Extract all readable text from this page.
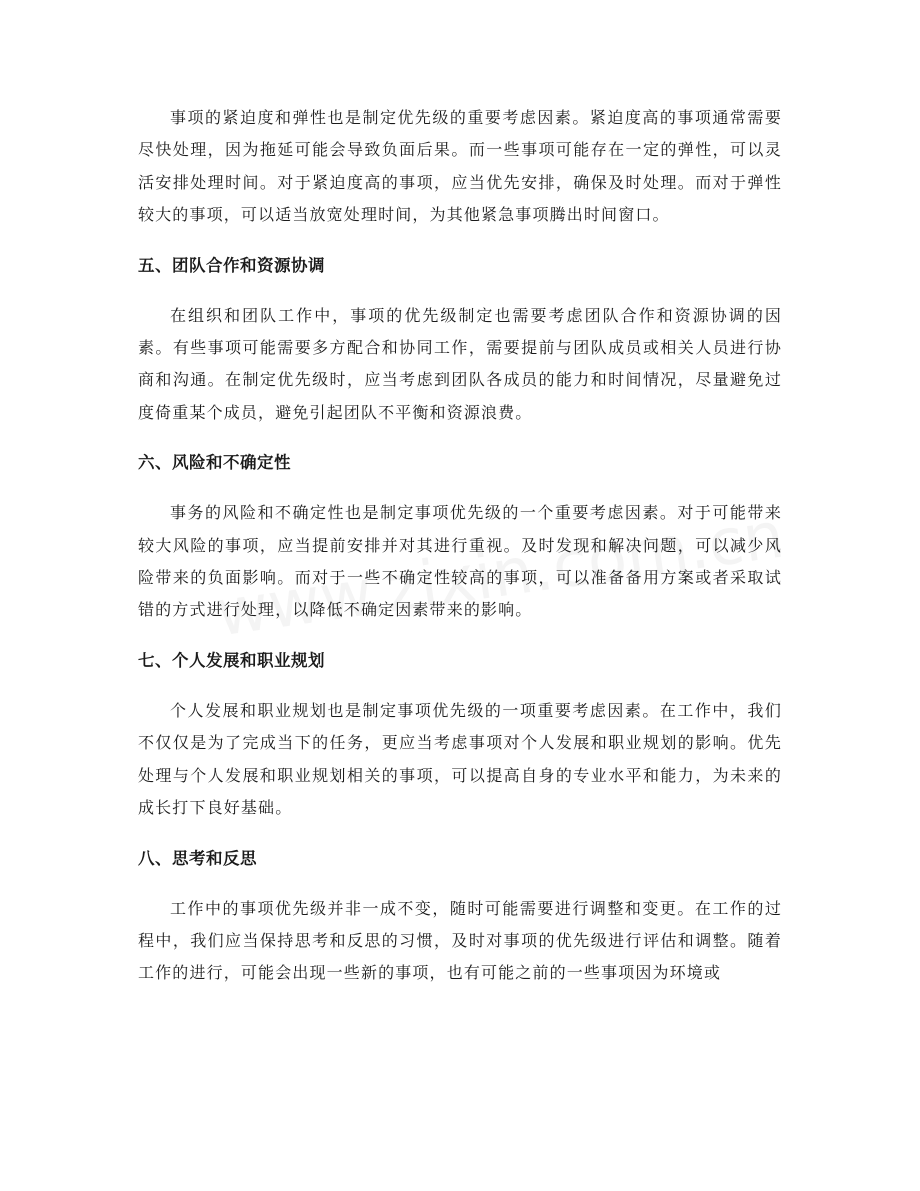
事项的紧迫度和弹性也是制定优先级的重要考虑因素。紧迫度高的事项通常需要尽快处理，因为拖延可能会导致负面后果。而一些事项可能存在一定的弹性，可以灵活安排处理时间。对于紧迫度高的事项，应当优先安排，确保及时处理。而对于弹性较大的事项，可以适当放宽处理时间，为其他紧急事项腾出时间窗口。

五、团队合作和资源协调

在组织和团队工作中，事项的优先级制定也需要考虑团队合作和资源协调的因素。有些事项可能需要多方配合和协同工作，需要提前与团队成员或相关人员进行协商和沟通。在制定优先级时，应当考虑到团队各成员的能力和时间情况，尽量避免过度倚重某个成员，避免引起团队不平衡和资源浪费。

六、风险和不确定性

事务的风险和不确定性也是制定事项优先级的一个重要考虑因素。对于可能带来较大风险的事项，应当提前安排并对其进行重视。及时发现和解决问题，可以减少风险带来的负面影响。而对于一些不确定性较高的事项，可以准备备用方案或者采取试错的方式进行处理，以降低不确定因素带来的影响。

七、个人发展和职业规划

个人发展和职业规划也是制定事项优先级的一项重要考虑因素。在工作中，我们不仅仅是为了完成当下的任务，更应当考虑事项对个人发展和职业规划的影响。优先处理与个人发展和职业规划相关的事项，可以提高自身的专业水平和能力，为未来的成长打下良好基础。

八、思考和反思

工作中的事项优先级并非一成不变，随时可能需要进行调整和变更。在工作的过程中，我们应当保持思考和反思的习惯，及时对事项的优先级进行评估和调整。随着工作的进行，可能会出现一些新的事项，也有可能之前的一些事项因为环境或
